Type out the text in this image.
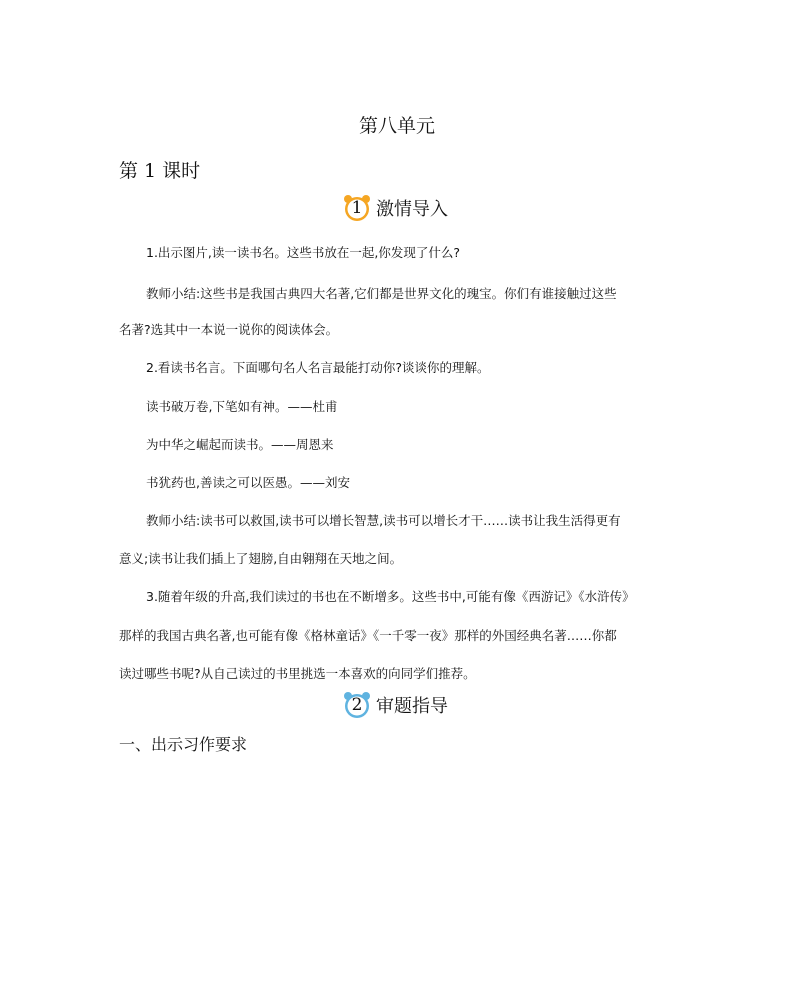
第八单元
第 1 课时
1 激情导入
1.出示图片,读一读书名。这些书放在一起,你发现了什么?
教师小结:这些书是我国古典四大名著,它们都是世界文化的瑰宝。你们有谁接触过这些
名著?选其中一本说一说你的阅读体会。
2.看读书名言。下面哪句名人名言最能打动你?谈谈你的理解。
读书破万卷,下笔如有神。——杜甫
为中华之崛起而读书。——周恩来
书犹药也,善读之可以医愚。——刘安
教师小结:读书可以救国,读书可以增长智慧,读书可以增长才干……读书让我生活得更有
意义;读书让我们插上了翅膀,自由翱翔在天地之间。
3.随着年级的升高,我们读过的书也在不断增多。这些书中,可能有像《西游记》《水浒传》
那样的我国古典名著,也可能有像《格林童话》《一千零一夜》那样的外国经典名著……你都
读过哪些书呢?从自己读过的书里挑选一本喜欢的向同学们推荐。
2 审题指导
一、出示习作要求
